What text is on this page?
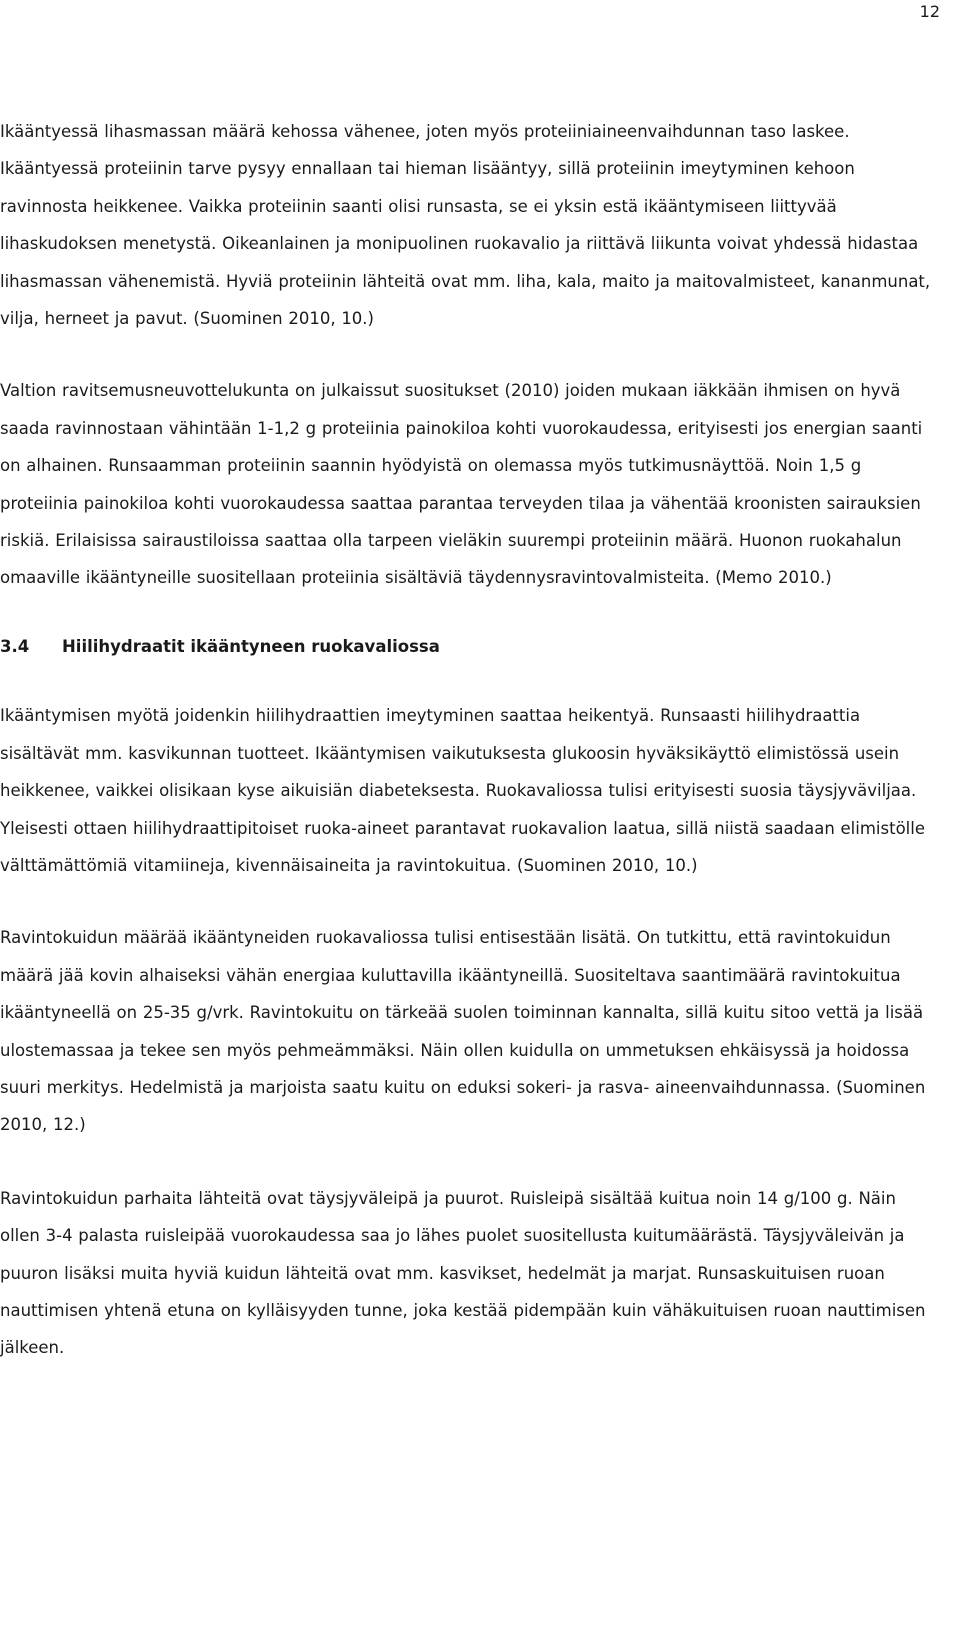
12

Ikääntyessä lihasmassan määrä kehossa vähenee, joten myös proteiiniaineenvaihdunnan taso laskee. Ikääntyessä proteiinin tarve pysyy ennallaan tai hieman lisääntyy, sillä proteiinin imeytyminen kehoon ravinnosta heikkenee. Vaikka proteiinin saanti olisi runsasta, se ei yksin estä ikääntymiseen liittyvää lihaskudoksen menetystä. Oikeanlainen ja monipuolinen ruokavalio ja riittävä liikunta voivat yhdessä hidastaa lihasmassan vähenemistä. Hyviä proteiinin lähteitä ovat mm. liha, kala, maito ja maitovalmisteet, kananmunat, vilja, herneet ja pavut. (Suominen 2010, 10.)

Valtion ravitsemusneuvottelukunta on julkaissut suositukset (2010) joiden mukaan iäkkään ihmisen on hyvä saada ravinnostaan vähintään 1-1,2 g proteiinia painokiloa kohti vuorokaudessa, erityisesti jos energian saanti on alhainen. Runsaamman proteiinin saannin hyödyistä on olemassa myös tutkimusnäyttöä. Noin 1,5 g proteiinia painokiloa kohti vuorokaudessa saattaa parantaa terveyden tilaa ja vähentää kroonisten sairauksien riskiä. Erilaisissa sairaustiloissa saattaa olla tarpeen vieläkin suurempi proteiinin määrä. Huonon ruokahalun omaaville ikääntyneille suositellaan proteiinia sisältäviä täydennysravintovalmisteita. (Memo 2010.)

3.4	Hiilihydraatit ikääntyneen ruokavaliossa

Ikääntymisen myötä joidenkin hiilihydraattien imeytyminen saattaa heikentyä. Runsaasti hiilihydraattia sisältävät mm. kasvikunnan tuotteet. Ikääntymisen vaikutuksesta glukoosin hyväksikäyttö elimistössä usein heikkenee, vaikkei olisikaan kyse aikuisiän diabeteksesta. Ruokavaliossa tulisi erityisesti suosia täysjyväviljaa. Yleisesti ottaen hiilihydraattipitoiset ruoka-aineet parantavat ruokavalion laatua, sillä niistä saadaan elimistölle välttämättömiä vitamiineja, kivennäisaineita ja ravintokuitua. (Suominen 2010, 10.)

Ravintokuidun määrää ikääntyneiden ruokavaliossa tulisi entisestään lisätä. On tutkittu, että ravintokuidun määrä jää kovin alhaiseksi vähän energiaa kuluttavilla ikääntyneillä. Suositeltava saantimäärä ravintokuitua ikääntyneellä on 25-35 g/vrk. Ravintokuitu on tärkeää suolen toiminnan kannalta, sillä kuitu sitoo vettä ja lisää ulostemassaa ja tekee sen myös pehmeämmäksi. Näin ollen kuidulla on ummetuksen ehkäisyssä ja hoidossa suuri merkitys. Hedelmistä ja marjoista saatu kuitu on eduksi sokeri- ja rasva- aineenvaihdunnassa. (Suominen 2010, 12.)

Ravintokuidun parhaita lähteitä ovat täysjyväleipä ja puurot. Ruisleipä sisältää kuitua noin 14 g/100 g. Näin ollen 3-4 palasta ruisleipää vuorokaudessa saa jo lähes puolet suositellusta kuitumäärästä. Täysjyväleivän ja puuron lisäksi muita hyviä kuidun lähteitä ovat mm. kasvikset, hedelmät ja marjat. Runsaskuituisen ruoan nauttimisen yhtenä etuna on kylläisyyden tunne, joka kestää pidempään kuin vähäkuituisen ruoan nauttimisen jälkeen.
